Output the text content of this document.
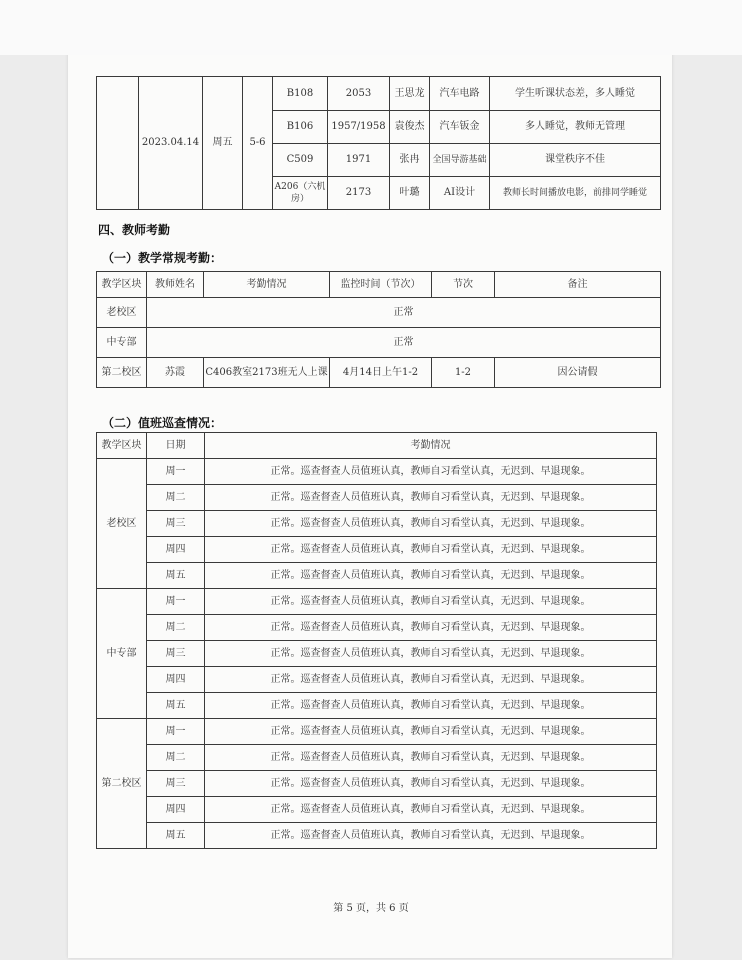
	2023.04.14	周五	5-6	B108	2053	王思龙	汽车电路	学生听课状态差，多人睡觉
				B106	1957/1958	袁俊杰	汽车钣金	多人睡觉，教师无管理
				C509	1971	张冉	全国导游基础	课堂秩序不佳
				A206（六机房）	2173	叶璐	AI设计	教师长时间播放电影，前排同学睡觉
四、教师考勤
（一）教学常规考勤：
教学区块	教师姓名	考勤情况	监控时间（节次）	节次	备注
老校区	正常				
中专部	正常				
第二校区	苏霞	C406教室2173班无人上课	4月14日上午1-2	1-2	因公请假
（二）值班巡查情况：
教学区块	日期	考勤情况
老校区	周一	正常。巡查督查人员值班认真，教师自习看堂认真，无迟到、早退现象。
	周二	正常。巡查督查人员值班认真，教师自习看堂认真，无迟到、早退现象。
	周三	正常。巡查督查人员值班认真，教师自习看堂认真，无迟到、早退现象。
	周四	正常。巡查督查人员值班认真，教师自习看堂认真，无迟到、早退现象。
	周五	正常。巡查督查人员值班认真，教师自习看堂认真，无迟到、早退现象。
中专部	周一	正常。巡查督查人员值班认真，教师自习看堂认真，无迟到、早退现象。
	周二	正常。巡查督查人员值班认真，教师自习看堂认真，无迟到、早退现象。
	周三	正常。巡查督查人员值班认真，教师自习看堂认真，无迟到、早退现象。
	周四	正常。巡查督查人员值班认真，教师自习看堂认真，无迟到、早退现象。
	周五	正常。巡查督查人员值班认真，教师自习看堂认真，无迟到、早退现象。
第二校区	周一	正常。巡查督查人员值班认真，教师自习看堂认真，无迟到、早退现象。
	周二	正常。巡查督查人员值班认真，教师自习看堂认真，无迟到、早退现象。
	周三	正常。巡查督查人员值班认真，教师自习看堂认真，无迟到、早退现象。
	周四	正常。巡查督查人员值班认真，教师自习看堂认真，无迟到、早退现象。
	周五	正常。巡查督查人员值班认真，教师自习看堂认真，无迟到、早退现象。
第 5 页，共 6 页
